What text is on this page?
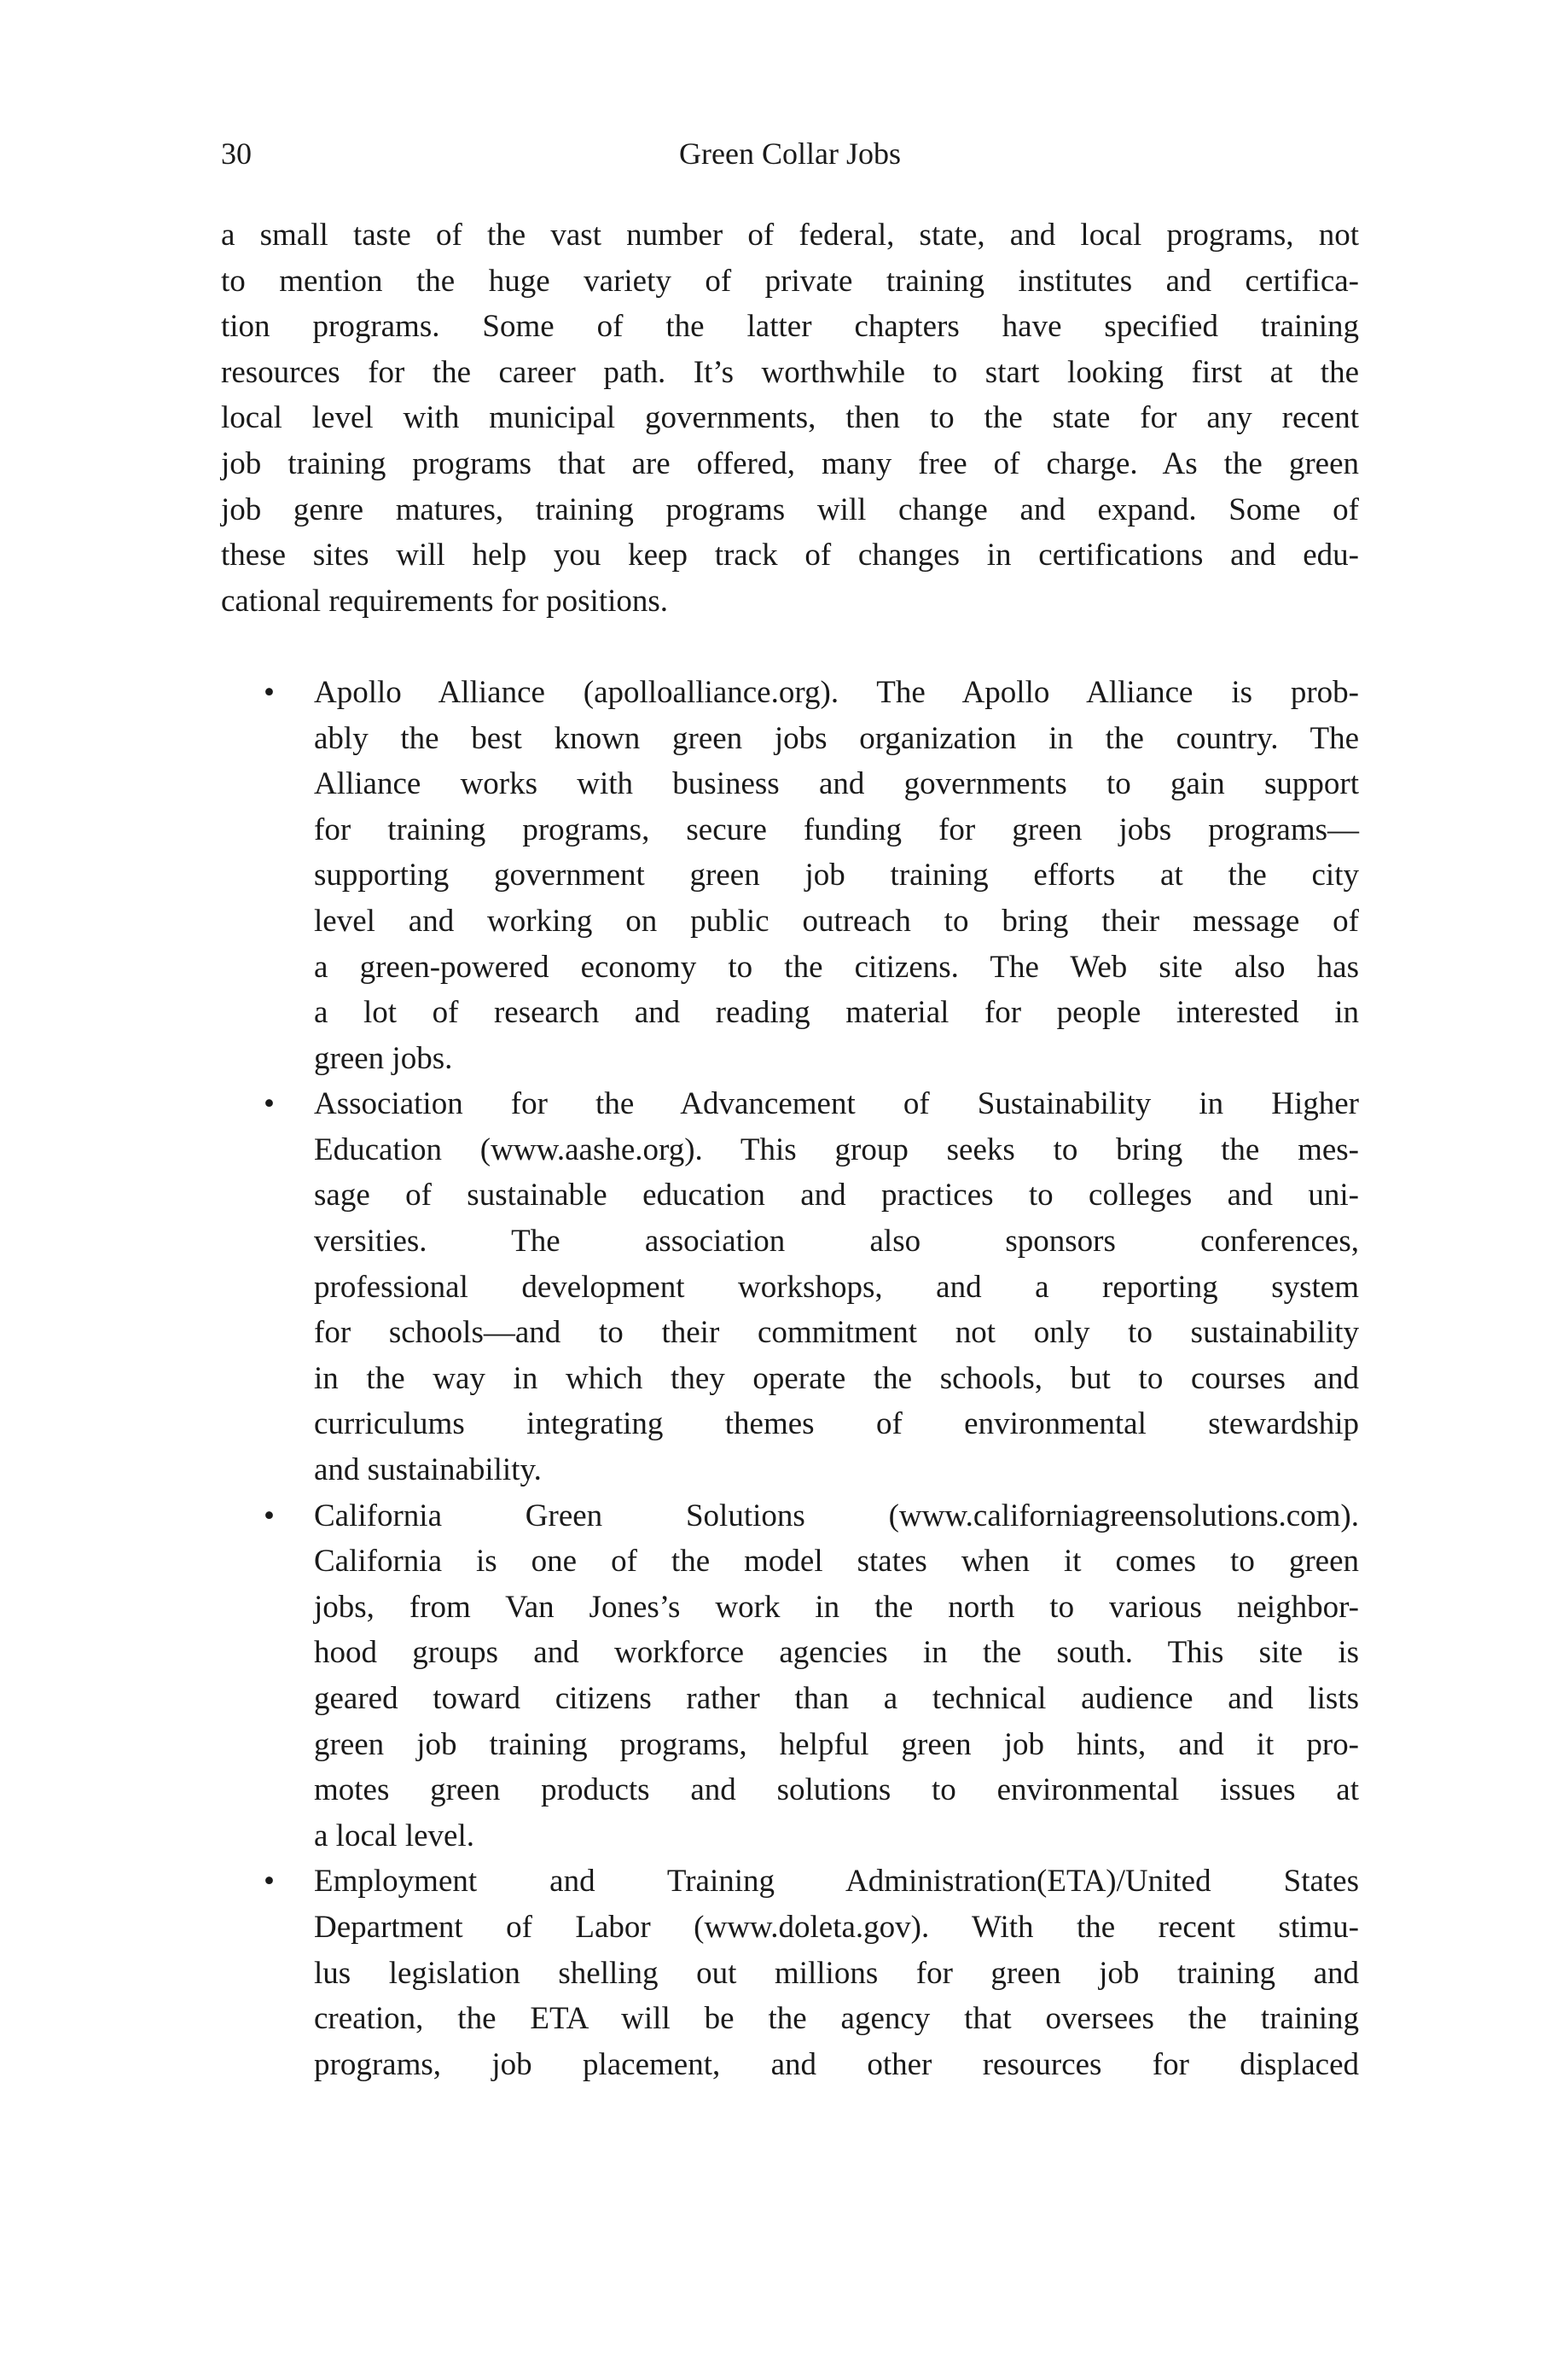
30	Green Collar Jobs
a small taste of the vast number of federal, state, and local programs, not
to mention the huge variety of private training institutes and certifica-
tion programs. Some of the latter chapters have specified training
resources for the career path. It’s worthwhile to start looking first at the
local level with municipal governments, then to the state for any recent
job training programs that are offered, many free of charge. As the green
job genre matures, training programs will change and expand. Some of
these sites will help you keep track of changes in certifications and edu-
cational requirements for positions.
• Apollo Alliance (apolloalliance.org). The Apollo Alliance is prob-
ably the best known green jobs organization in the country. The
Alliance works with business and governments to gain support
for training programs, secure funding for green jobs programs—
supporting government green job training efforts at the city
level and working on public outreach to bring their message of
a green-powered economy to the citizens. The Web site also has
a lot of research and reading material for people interested in
green jobs.
• Association for the Advancement of Sustainability in Higher
Education (www.aashe.org). This group seeks to bring the mes-
sage of sustainable education and practices to colleges and uni-
versities. The association also sponsors conferences,
professional development workshops, and a reporting system
for schools—and to their commitment not only to sustainability
in the way in which they operate the schools, but to courses and
curriculums integrating themes of environmental stewardship
and sustainability.
• California Green Solutions (www.californiagreensolutions.com).
California is one of the model states when it comes to green
jobs, from Van Jones’s work in the north to various neighbor-
hood groups and workforce agencies in the south. This site is
geared toward citizens rather than a technical audience and lists
green job training programs, helpful green job hints, and it pro-
motes green products and solutions to environmental issues at
a local level.
• Employment and Training Administration(ETA)/United States
Department of Labor (www.doleta.gov). With the recent stimu-
lus legislation shelling out millions for green job training and
creation, the ETA will be the agency that oversees the training
programs, job placement, and other resources for displaced
